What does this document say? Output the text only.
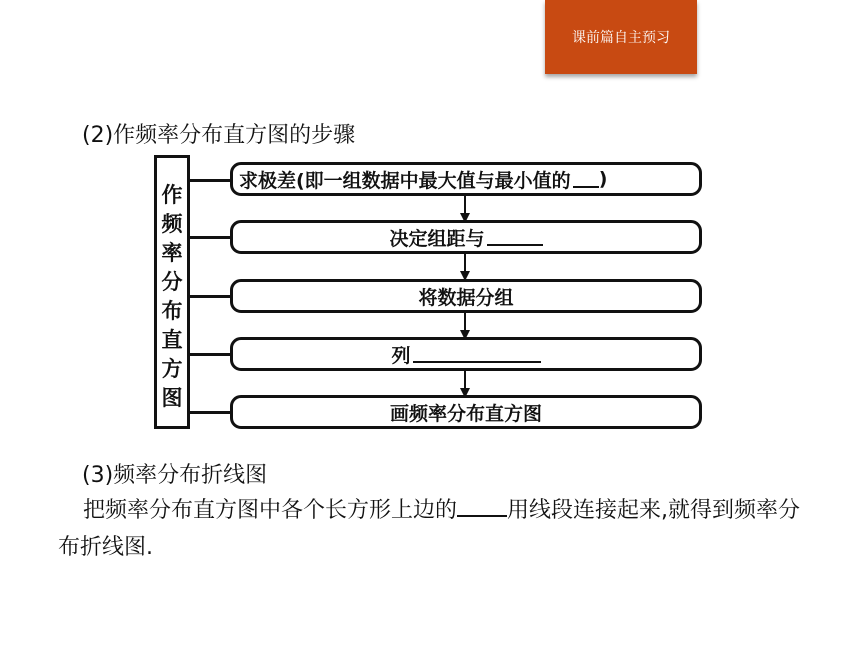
课前篇自主预习
(2)作频率分布直方图的步骤
作频率分布直方图
求极差(即一组数据中最大值与最小值的 )
决定组距与
将数据分组
列
画频率分布直方图
(3)频率分布折线图
把频率分布直方图中各个长方形上边的 用线段连接起来,就得到频率分布折线图.
